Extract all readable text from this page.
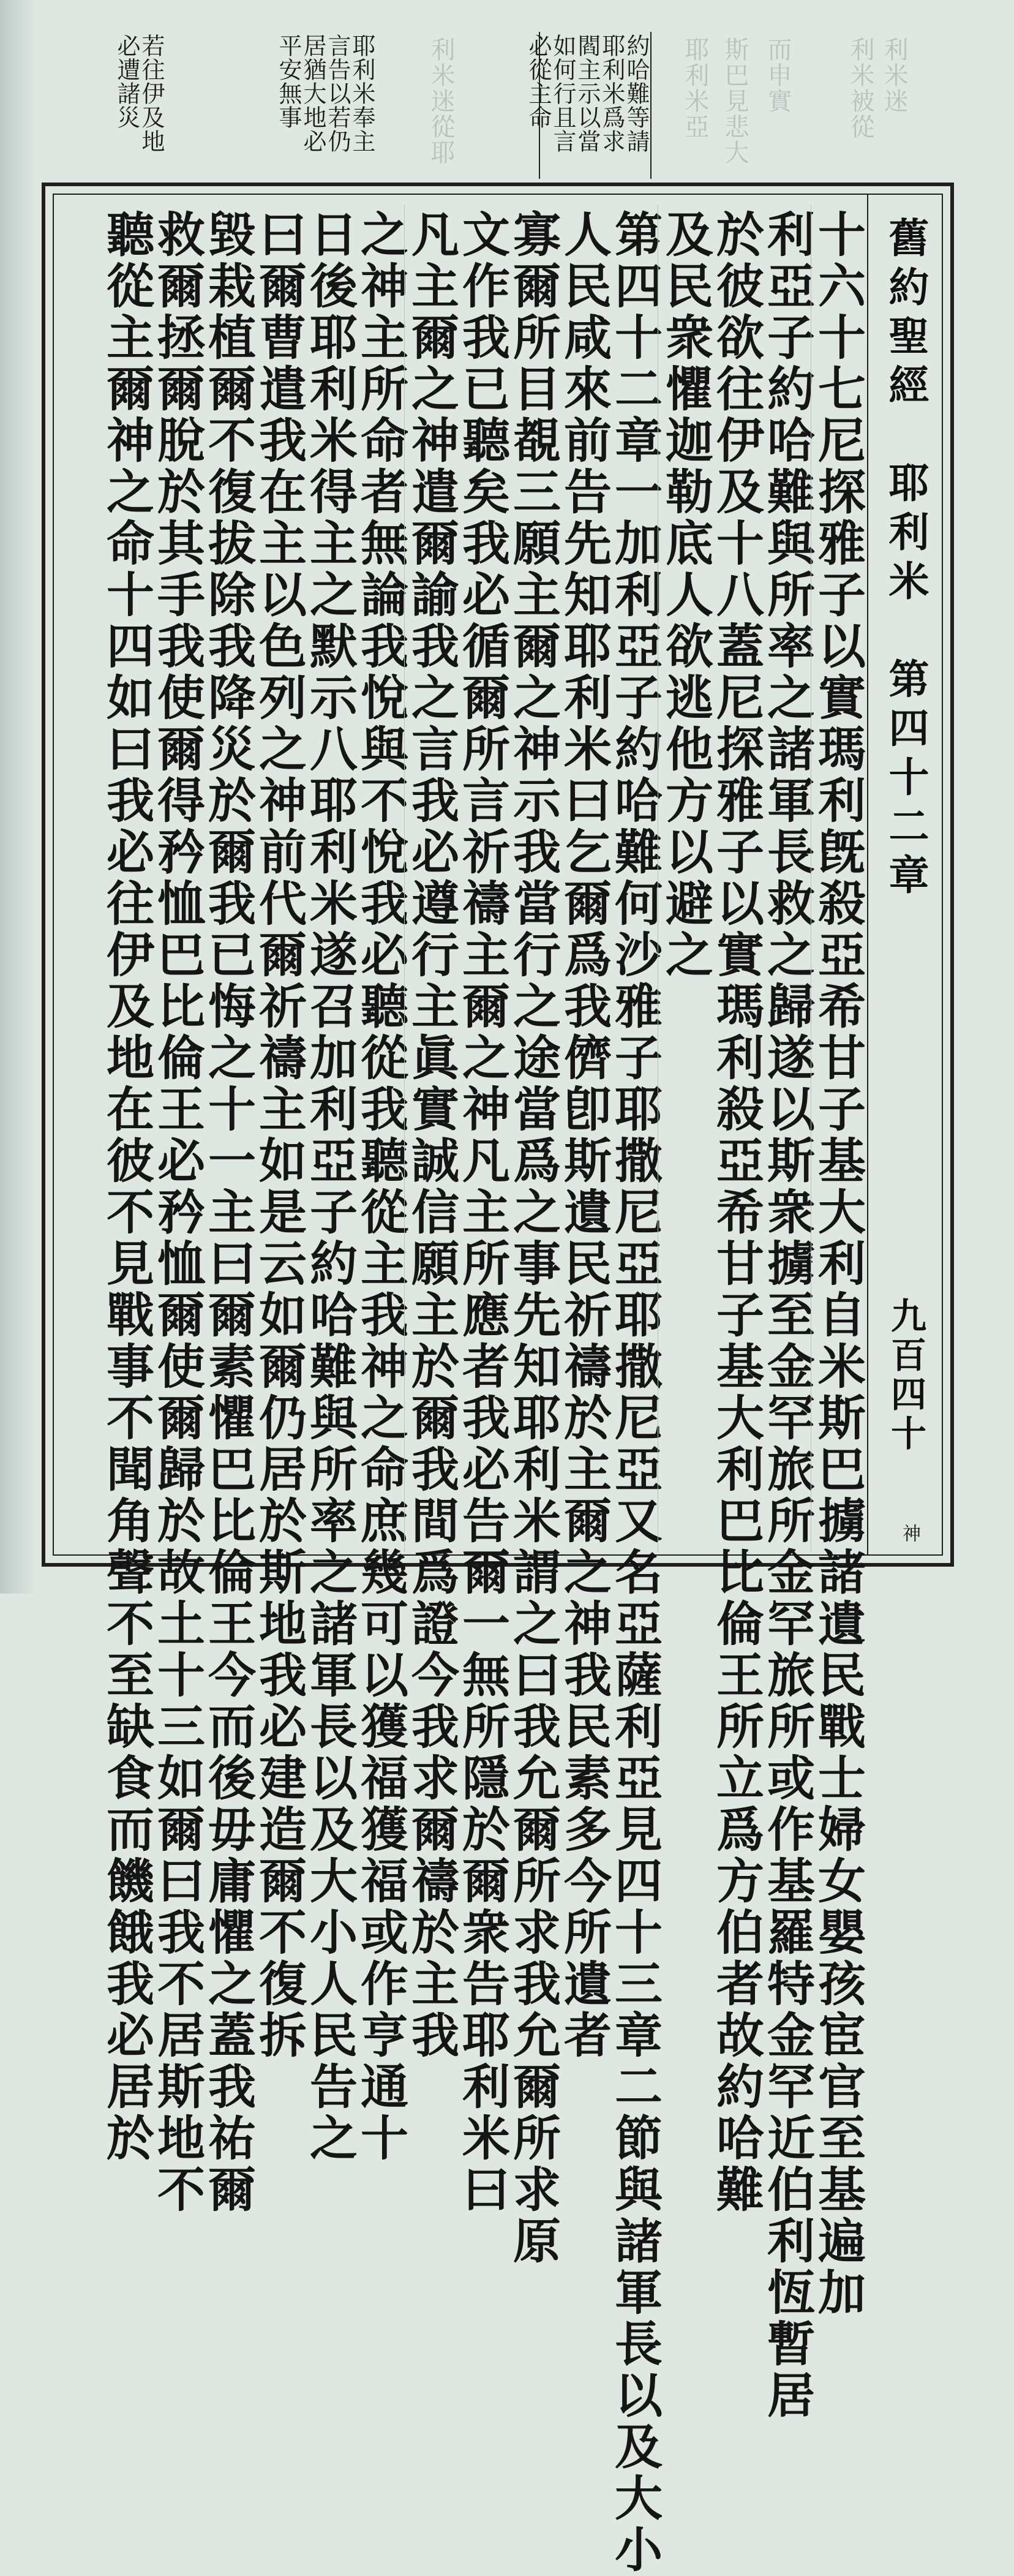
利米被從 利米迷
斯巴見悲大 而申實
耶利米亞
利米迷從耶	約哈難等請
耶利米爲求
閻主示以當
如何行且言
必從主命
耶利米奉主
言告以若仍
居猶大地必
平安無事
若往伊及地
必遭諸災
舊約聖經　耶利米　第四十二章
九百四十
神
十六十七尼探雅子以實瑪利旣殺亞希甘子基大利自米斯巴擄諸遺民戰士婦女嬰孩宦官至基遍加
利亞子約哈難與所率之諸軍長救之歸遂以斯衆擄至金罕旅所金罕旅所或作基羅特金罕近伯利恆暫居
於彼欲往伊及十八蓋尼探雅子以實瑪利殺亞希甘子基大利巴比倫王所立爲方伯者故約哈難
及民衆懼迦勒底人欲逃他方以避之
第四十二章一加利亞子約哈難何沙雅子耶撒尼亞耶撒尼亞又名亞薩利亞見四十三章二節與諸軍長以及大小
人民咸來前告先知耶利米曰乞爾爲我儕卽斯遺民祈禱於主爾之神我民素多今所遺者
寡爾所目覩三願主爾之神示我當行之途當爲之事先知耶利米謂之曰我允爾所求我允爾所求原
文作我已聽矣我必循爾所言祈禱主爾之神凡主所應者我必告爾一無所隱於爾衆告耶利米曰
凡主爾之神遣爾諭我之言我必遵行主眞實誠信願主於爾我間爲證今我求爾禱於主我
之神主所命者無論我悅與不悅我必聽從我聽從主我神之命庶幾可以獲福獲福或作亨通十
日後耶利米得主之默示八耶利米遂召加利亞子約哈難與所率之諸軍長以及大小人民告之
曰爾曹遣我在主以色列之神前代爾祈禱主如是云如爾仍居於斯地我必建造爾不復拆
毀栽植爾不復拔除我降災於爾我已悔之十一主曰爾素懼巴比倫王今而後毋庸懼之蓋我祐爾
救爾拯爾脫於其手我使爾得矜恤巴比倫王必矜恤爾使爾歸於故土十三如爾曰我不居斯地不
聽從主爾神之命十四如曰我必往伊及地在彼不見戰事不聞角聲不至缺食而饑餓我必居於
